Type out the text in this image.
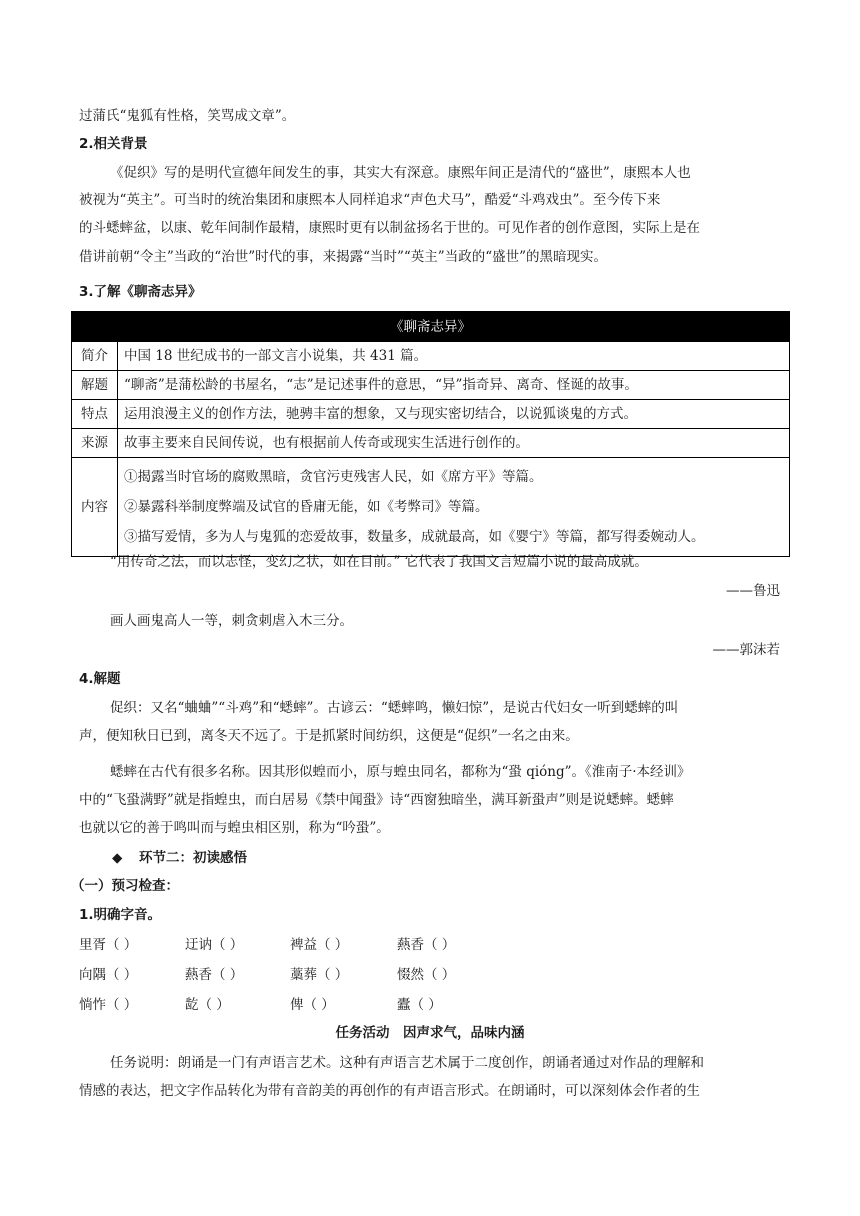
过蒲氏“鬼狐有性格，笑骂成文章”。
2.相关背景
《促织》写的是明代宣德年间发生的事，其实大有深意。康熙年间正是清代的“盛世”，康熙本人也
被视为“英主”。可当时的统治集团和康熙本人同样追求“声色犬马”，酷爱“斗鸡戏虫”。至今传下来
的斗蟋蟀盆，以康、乾年间制作最精，康熙时更有以制盆扬名于世的。可见作者的创作意图，实际上是在
借讲前朝“令主”当政的“治世”时代的事，来揭露“当时”“英主”当政的“盛世”的黑暗现实。
3.了解《聊斋志异》
《聊斋志异》	
简介	中国 18 世纪成书的一部文言小说集，共 431 篇。
解题	“聊斋”是蒲松龄的书屋名，“志”是记述事件的意思，“异”指奇异、离奇、怪诞的故事。
特点	运用浪漫主义的创作方法，驰骋丰富的想象，又与现实密切结合，以说狐谈鬼的方式。
来源	故事主要来自民间传说，也有根据前人传奇或现实生活进行创作的。
内容	①揭露当时官场的腐败黑暗，贪官污吏残害人民，如《席方平》等篇。
②暴露科举制度弊端及试官的昏庸无能，如《考弊司》等篇。
③描写爱情，多为人与鬼狐的恋爱故事，数量多，成就最高，如《婴宁》等篇，都写得委婉动人。
“用传奇之法，而以志怪，变幻之状，如在目前。” 它代表了我国文言短篇小说的最高成就。
——鲁迅
画人画鬼高人一等，刺贪刺虐入木三分。
——郭沫若
4.解题
促织：又名“蛐蛐”“斗鸡”和“蟋蟀”。古谚云：“蟋蟀鸣，懒妇惊”，是说古代妇女一听到蟋蟀的叫
声，便知秋日已到，离冬天不远了。于是抓紧时间纺织，这便是“促织”一名之由来。
蟋蟀在古代有很多名称。因其形似蝗而小，原与蝗虫同名，都称为“蛩 qióng”。《淮南子·本经训》
中的“飞蛩满野”就是指蝗虫，而白居易《禁中闻蛩》诗“西窗独暗坐，满耳新蛩声”则是说蟋蟀。蟋蟀
也就以它的善于鸣叫而与蝗虫相区别，称为“吟蛩”。
◆ 环节二：初读感悟
（一）预习检查：
1.明确字音。
里胥（ ）	迂讷（ ）	裨益（ ）	爇香（ ）
向隅（ ）	爇香（ ）	藁葬（ ）	惙然（ ）
惝怍（ ）	龁（ ）	俾（ ）	蠹（ ）
任务活动　因声求气，品味内涵
任务说明：朗诵是一门有声语言艺术。这种有声语言艺术属于二度创作，朗诵者通过对作品的理解和
情感的表达，把文字作品转化为带有音韵美的再创作的有声语言形式。在朗诵时，可以深刻体会作者的生
